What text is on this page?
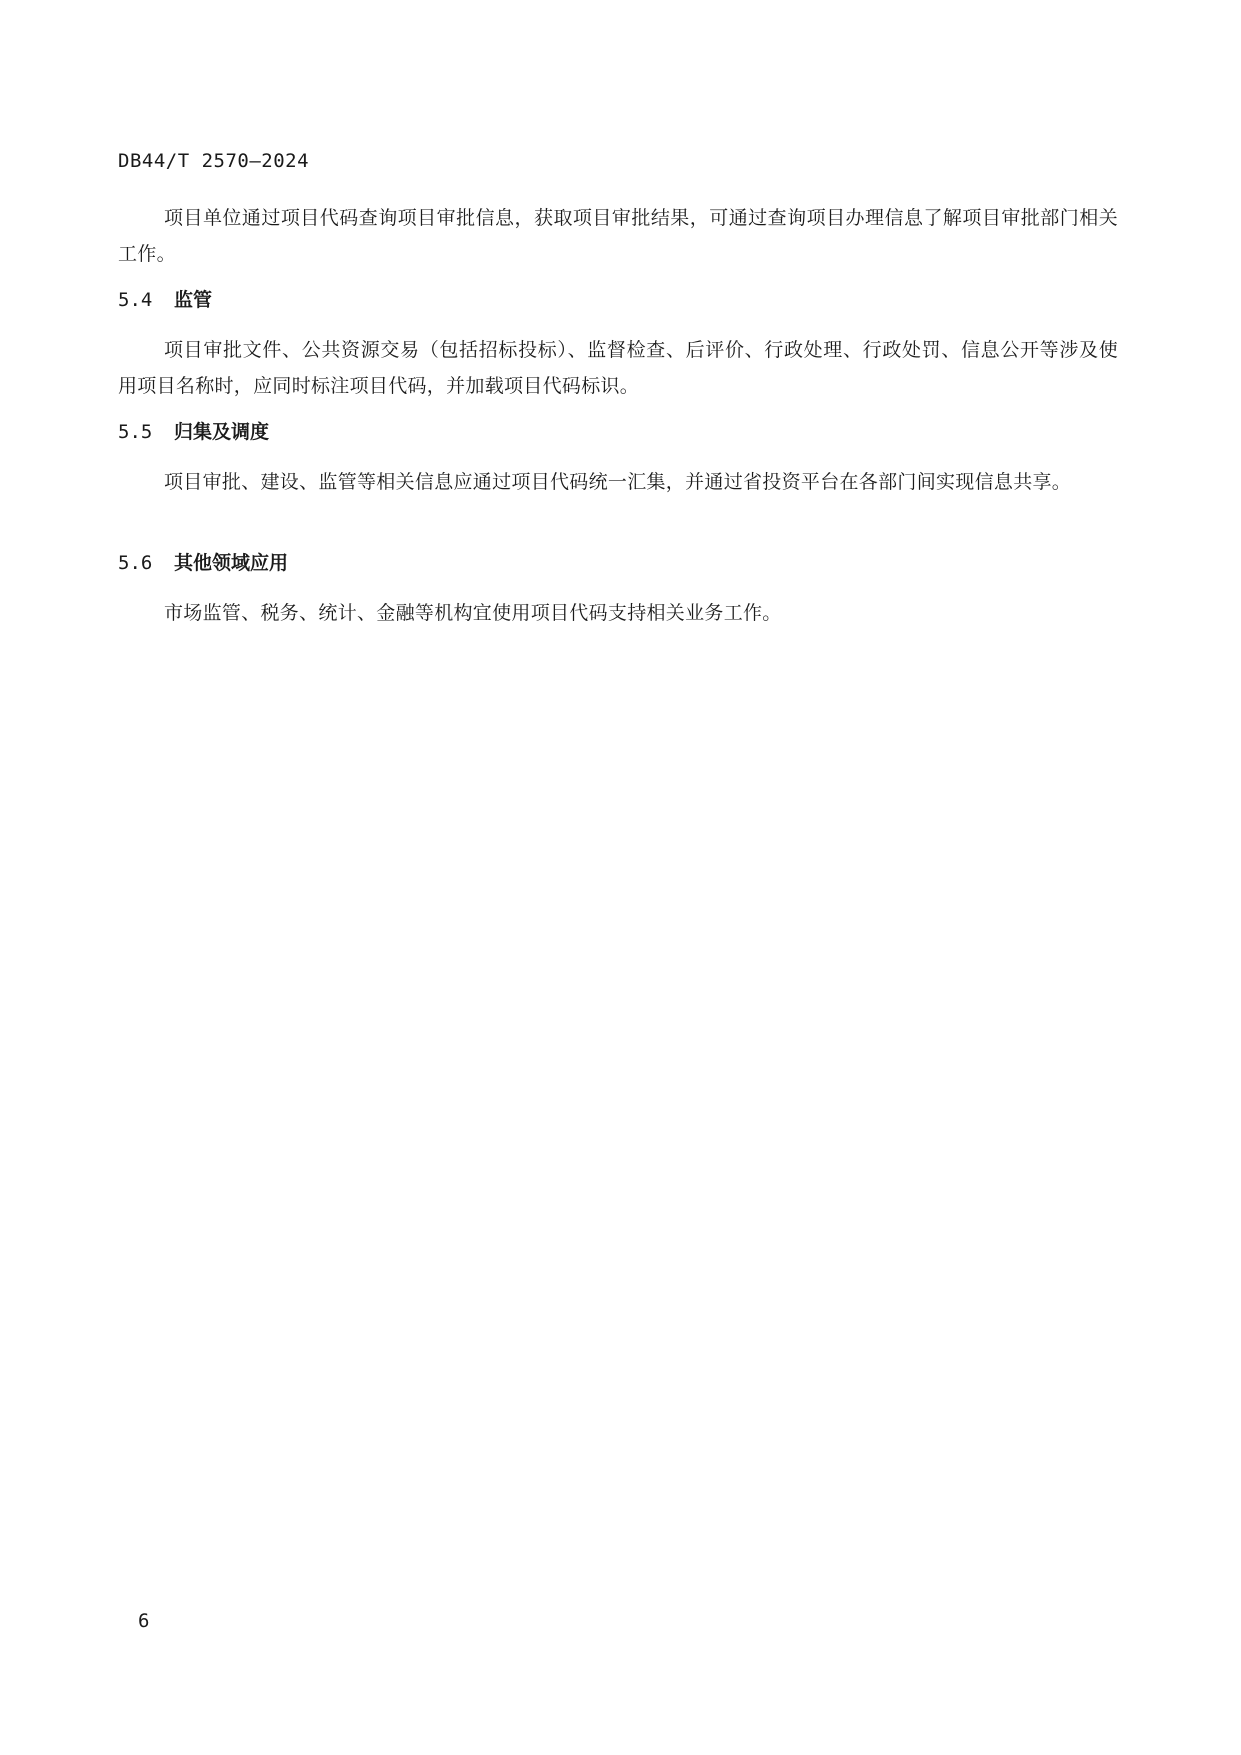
DB44/T 2570—2024
项目单位通过项目代码查询项目审批信息，获取项目审批结果，可通过查询项目办理信息了解项目审批部门相关工作。
5.4 监管
项目审批文件、公共资源交易（包括招标投标）、监督检查、后评价、行政处理、行政处罚、信息公开等涉及使用项目名称时，应同时标注项目代码，并加载项目代码标识。
5.5 归集及调度
项目审批、建设、监管等相关信息应通过项目代码统一汇集，并通过省投资平台在各部门间实现信息共享。
5.6 其他领域应用
市场监管、税务、统计、金融等机构宜使用项目代码支持相关业务工作。
6
